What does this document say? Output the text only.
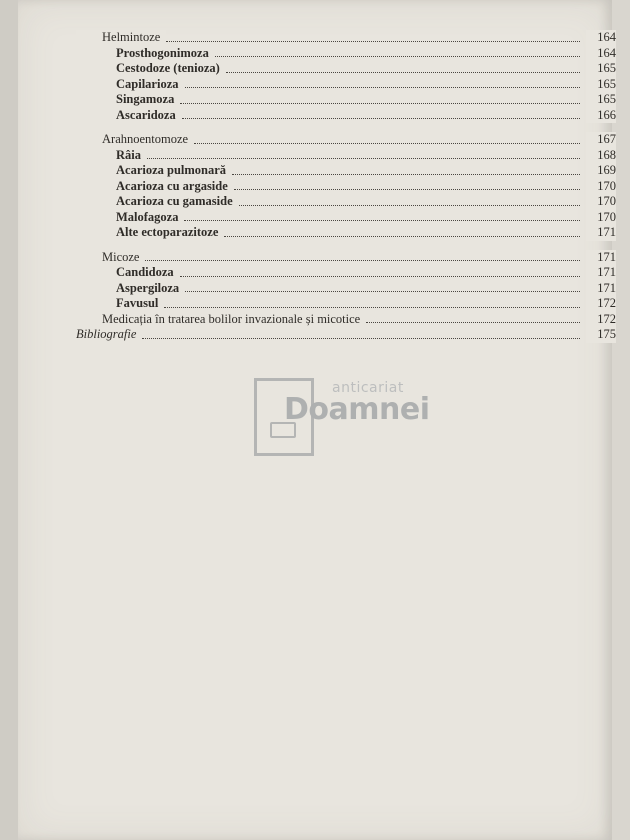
Helmintoze	164
Prosthogonimoza	164
Cestodoze (tenioza)	165
Capilarioza	165
Singamoza	165
Ascaridoza	166
Arahnoentomoze	167
Râia	168
Acarioza pulmonară	169
Acarioza cu argaside	170
Acarioza cu gamaside	170
Malofagoza	170
Alte ectoparazitoze	171
Micoze	171
Candidoza	171
Aspergiloza	171
Favusul	172
Medicația în tratarea bolilor invazionale și micotice	172
Bibliografie	175
anticariat
Doamnei
